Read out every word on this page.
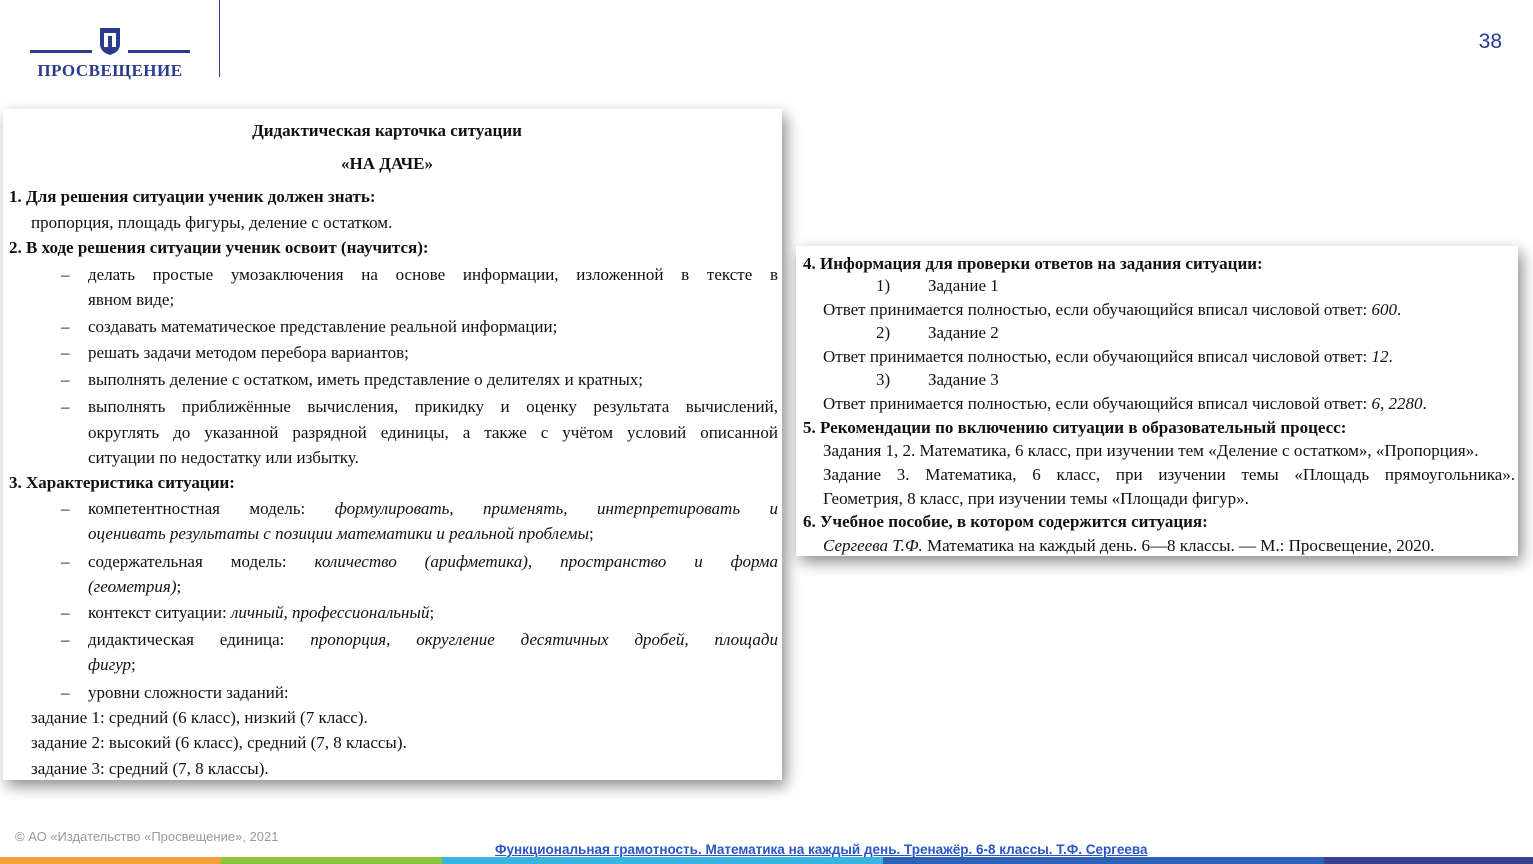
ПРОСВЕЩЕНИЕ
38
Дидактическая карточка ситуации
«НА ДАЧЕ»
1. Для решения ситуации ученик должен знать:
пропорция, площадь фигуры, деление с остатком.
2. В ходе решения ситуации ученик освоит (научится):
– делать простые умозаключения на основе информации, изложенной в тексте в
явном виде;
– создавать математическое представление реальной информации;
– решать задачи методом перебора вариантов;
– выполнять деление с остатком, иметь представление о делителях и кратных;
– выполнять приближённые вычисления, прикидку и оценку результата вычислений,
округлять до указанной разрядной единицы, а также с учётом условий описанной
ситуации по недостатку или избытку.
3. Характеристика ситуации:
– компетентностная модель: формулировать, применять, интерпретировать и
оценивать результаты с позиции математики и реальной проблемы;
– содержательная модель: количество (арифметика), пространство и форма
(геометрия);
– контекст ситуации: личный, профессиональный;
– дидактическая единица: пропорция, округление десятичных дробей, площади
фигур;
– уровни сложности заданий:
задание 1: средний (6 класс), низкий (7 класс).
задание 2: высокий (6 класс), средний (7, 8 классы).
задание 3: средний (7, 8 классы).
4. Информация для проверки ответов на задания ситуации:
1) Задание 1
Ответ принимается полностью, если обучающийся вписал числовой ответ: 600.
2) Задание 2
Ответ принимается полностью, если обучающийся вписал числовой ответ: 12.
3) Задание 3
Ответ принимается полностью, если обучающийся вписал числовой ответ: 6, 2280.
5. Рекомендации по включению ситуации в образовательный процесс:
Задания 1, 2. Математика, 6 класс, при изучении тем «Деление с остатком», «Пропорция».
Задание 3. Математика, 6 класс, при изучении темы «Площадь прямоугольника».
Геометрия, 8 класс, при изучении темы «Площади фигур».
6. Учебное пособие, в котором содержится ситуация:
Сергеева Т.Ф. Математика на каждый день. 6—8 классы. — М.: Просвещение, 2020.
© АО «Издательство «Просвещение», 2021
Функциональная грамотность. Математика на каждый день. Тренажёр. 6-8 классы. Т.Ф. Сергеева
